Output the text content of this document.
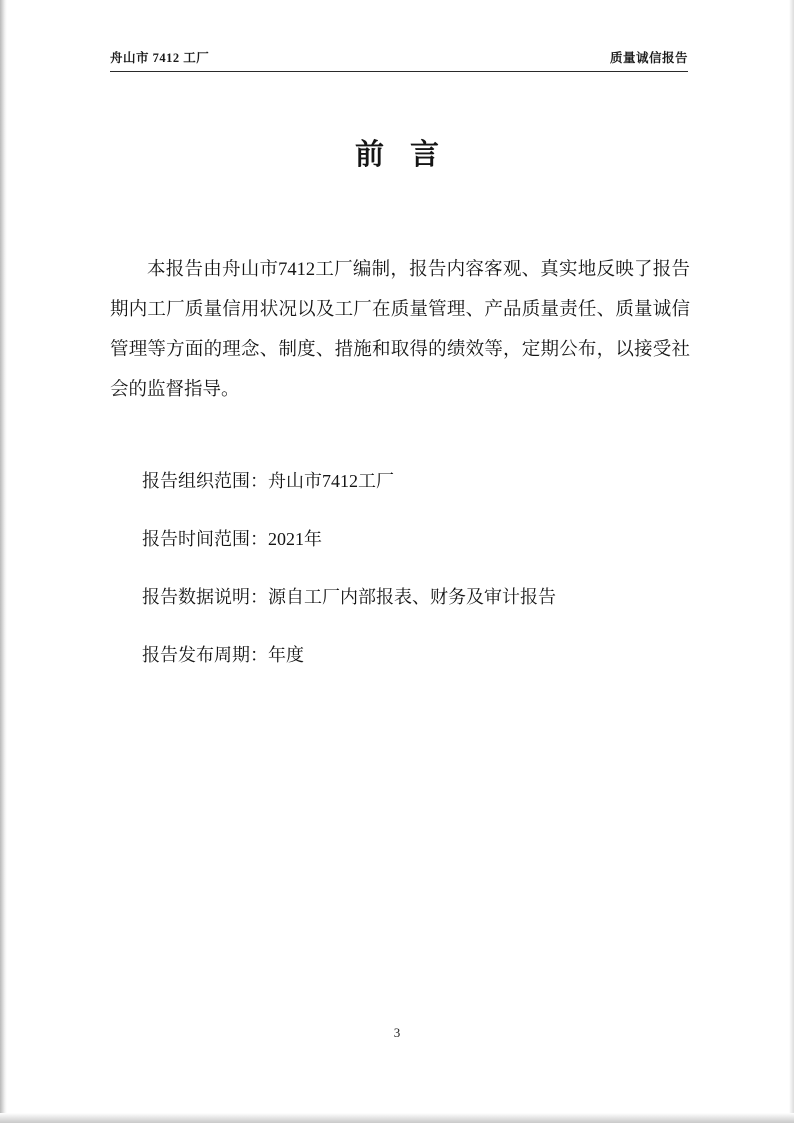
舟山市 7412 工厂	质量诚信报告
前言

本报告由舟山市7412工厂编制，报告内容客观、真实地反映了报告期内工厂质量信用状况以及工厂在质量管理、产品质量责任、质量诚信管理等方面的理念、制度、措施和取得的绩效等，定期公布，以接受社会的监督指导。

报告组织范围：舟山市7412工厂
报告时间范围：2021年
报告数据说明：源自工厂内部报表、财务及审计报告
报告发布周期：年度
3
